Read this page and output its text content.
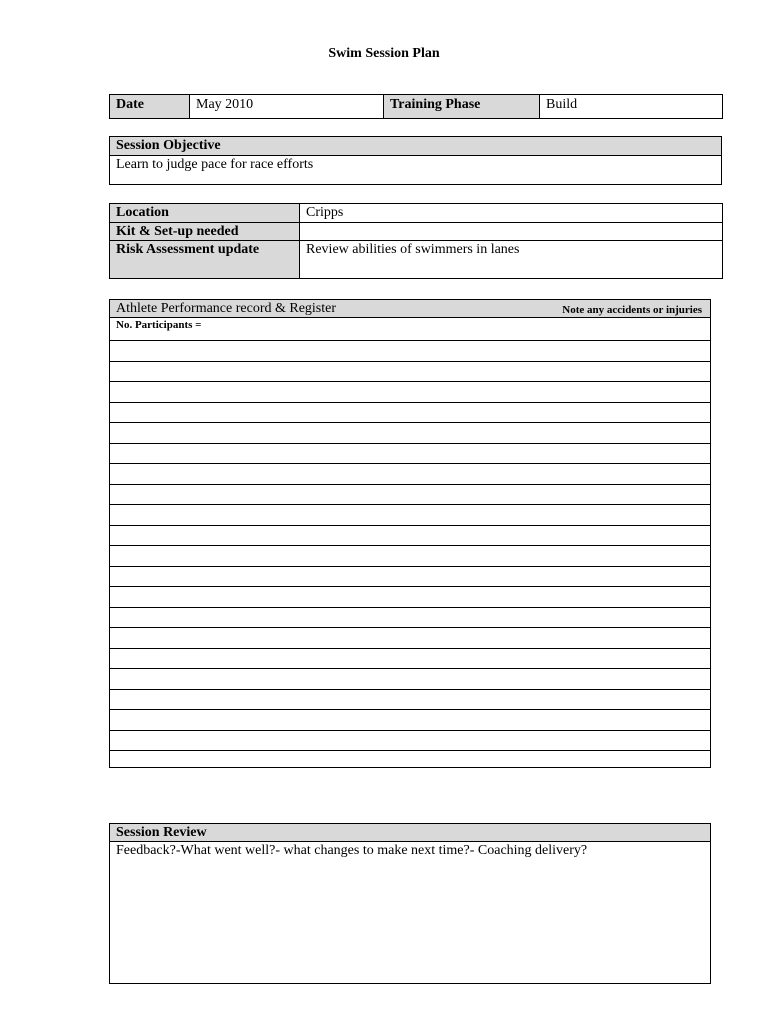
Swim Session Plan
Date	May 2010	Training Phase	Build
Session Objective
Learn to judge pace for race efforts
Location	Cripps
Kit & Set-up needed	
Risk Assessment update	Review abilities of swimmers in lanes
Athlete Performance record & Register	Note any accidents or injuries

No. Participants =

Session Review
Feedback?-What went well?- what changes to make next time?- Coaching delivery?
